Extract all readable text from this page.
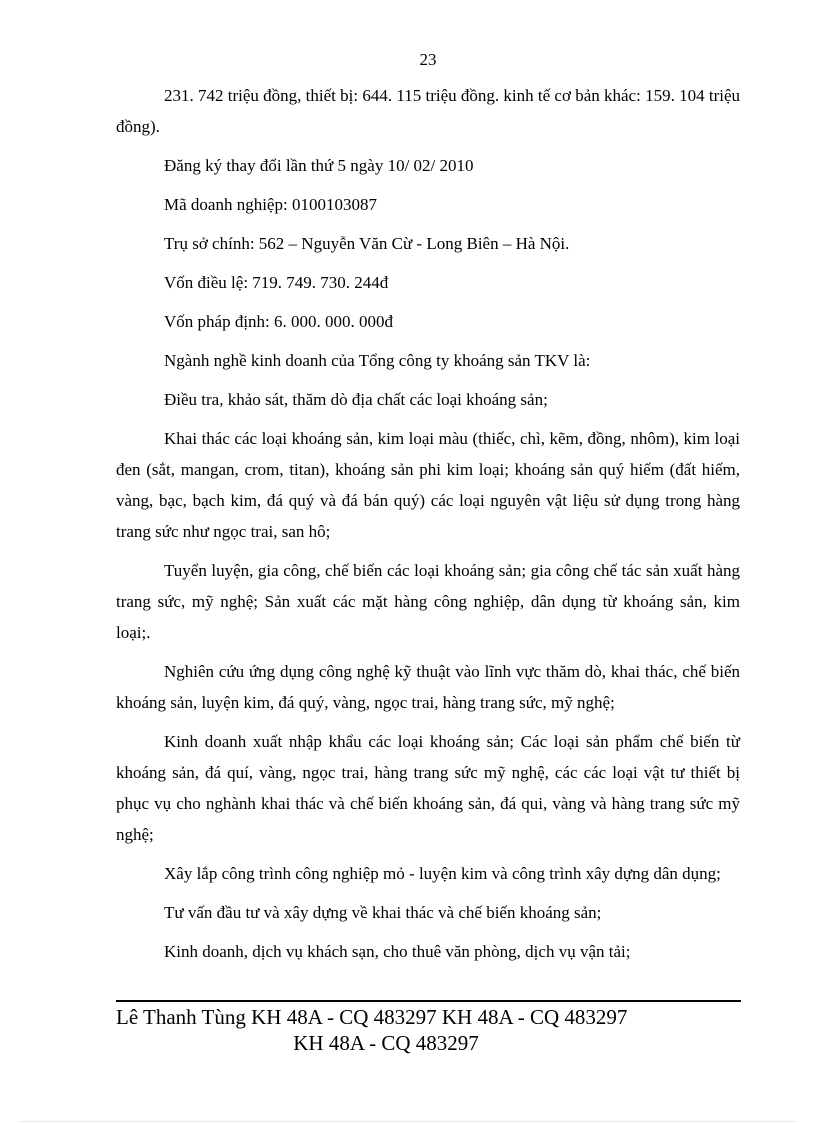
23

231. 742 triệu đồng, thiết bị: 644. 115 triệu đồng. kinh tế cơ bản khác: 159. 104 triệu đồng).

Đăng ký thay đổi lần thứ 5 ngày 10/ 02/ 2010

Mã doanh nghiệp: 0100103087

Trụ sở chính: 562 – Nguyễn Văn Cừ - Long Biên – Hà Nội.

Vốn điều lệ: 719. 749. 730. 244đ

Vốn pháp định: 6. 000. 000. 000đ

Ngành nghề kinh doanh của Tổng công ty khoáng sản TKV là:

Điều tra, khảo sát, thăm dò địa chất các loại khoáng sản;

Khai thác các loại khoáng sản, kim loại màu (thiếc, chì, kẽm, đồng, nhôm), kim loại đen (sắt, mangan, crom, titan), khoáng sản phi kim loại; khoáng sản quý hiếm (đất hiếm, vàng, bạc, bạch kim, đá quý và đá bán quý) các loại nguyên vật liệu sử dụng trong hàng trang sức như ngọc trai, san hô;

Tuyển luyện, gia công, chế biến các loại khoáng sản; gia công chế tác sản xuất hàng trang sức, mỹ nghệ; Sản xuất các mặt hàng công nghiệp, dân dụng từ khoáng sản, kim loại;.

Nghiên cứu ứng dụng công nghệ kỹ thuật vào lĩnh vực thăm dò, khai thác, chế biến khoáng sản, luyện kim, đá quý, vàng, ngọc trai, hàng trang sức, mỹ nghệ;

Kinh doanh xuất nhập khẩu các loại khoáng sản; Các loại sản phẩm chế biến từ khoáng sản, đá quí, vàng, ngọc trai, hàng trang sức mỹ nghệ, các các loại vật tư thiết bị phục vụ cho nghành khai thác và chế biến khoáng sản, đá qui, vàng và hàng trang sức mỹ nghệ;

Xây lắp công trình công nghiệp mỏ - luyện kim và công trình xây dựng dân dụng;

Tư vấn đầu tư và xây dựng về khai thác và chế biến khoáng sản;

Kinh doanh, dịch vụ khách sạn, cho thuê văn phòng, dịch vụ vận tải;

Lê Thanh Tùng KH 48A - CQ 483297 KH 48A - CQ 483297
KH 48A - CQ 483297
